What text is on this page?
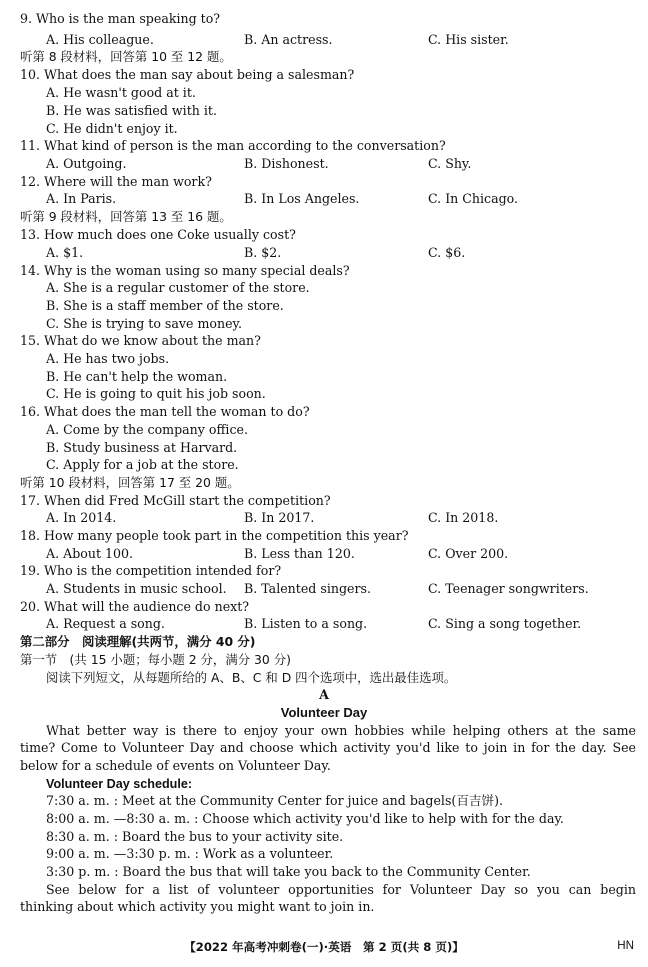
9. Who is the man speaking to?
A. His colleague.	B. An actress.	C. His sister.
听第 8 段材料，回答第 10 至 12 题。
10. What does the man say about being a salesman?
A. He wasn't good at it.
B. He was satisfied with it.
C. He didn't enjoy it.
11. What kind of person is the man according to the conversation?
A. Outgoing.	B. Dishonest.	C. Shy.
12. Where will the man work?
A. In Paris.	B. In Los Angeles.	C. In Chicago.
听第 9 段材料，回答第 13 至 16 题。
13. How much does one Coke usually cost?
A. $1.	B. $2.	C. $6.
14. Why is the woman using so many special deals?
A. She is a regular customer of the store.
B. She is a staff member of the store.
C. She is trying to save money.
15. What do we know about the man?
A. He has two jobs.
B. He can't help the woman.
C. He is going to quit his job soon.
16. What does the man tell the woman to do?
A. Come by the company office.
B. Study business at Harvard.
C. Apply for a job at the store.
听第 10 段材料，回答第 17 至 20 题。
17. When did Fred McGill start the competition?
A. In 2014.	B. In 2017.	C. In 2018.
18. How many people took part in the competition this year?
A. About 100.	B. Less than 120.	C. Over 200.
19. Who is the competition intended for?
A. Students in music school. B. Talented singers.	C. Teenager songwriters.
20. What will the audience do next?
A. Request a song.	B. Listen to a song.	C. Sing a song together.
第二部分　阅读理解(共两节，满分 40 分)
第一节　(共 15 小题；每小题 2 分，满分 30 分)
阅读下列短文，从每题所给的 A、B、C 和 D 四个选项中，选出最佳选项。
A
Volunteer Day
What better way is there to enjoy your own hobbies while helping others at the same
time? Come to Volunteer Day and choose which activity you'd like to join in for the day. See
below for a schedule of events on Volunteer Day.
Volunteer Day schedule:
7:30 a. m. : Meet at the Community Center for juice and bagels(百吉饼).
8:00 a. m. —8:30 a. m. : Choose which activity you'd like to help with for the day.
8:30 a. m. : Board the bus to your activity site.
9:00 a. m. —3:30 p. m. : Work as a volunteer.
3:30 p. m. : Board the bus that will take you back to the Community Center.
See below for a list of volunteer opportunities for Volunteer Day so you can begin
thinking about which activity you might want to join in.
【2022 年高考冲刺卷(一)·英语　第 2 页(共 8 页)】	HN
